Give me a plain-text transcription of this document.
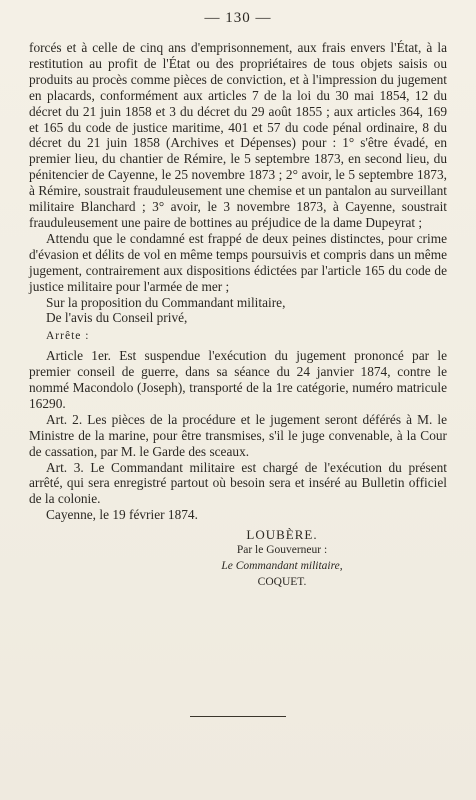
— 130 —

forcés et à celle de cinq ans d'emprisonnement, aux frais envers l'État, à la restitution au profit de l'État ou des propriétaires de tous objets saisis ou produits au procès comme pièces de conviction, et à l'impression du jugement en placards, conformément aux articles 7 de la loi du 30 mai 1854, 12 du décret du 21 juin 1858 et 3 du décret du 29 août 1855 ; aux articles 364, 169 et 165 du code de justice maritime, 401 et 57 du code pénal ordinaire, 8 du décret du 21 juin 1858 (Archives et Dépenses) pour : 1° s'être évadé, en premier lieu, du chantier de Rémire, le 5 septembre 1873, en second lieu, du pénitencier de Cayenne, le 25 novembre 1873 ; 2° avoir, le 5 septembre 1873, à Rémire, soustrait frauduleusement une chemise et un pantalon au surveillant militaire Blanchard ; 3° avoir, le 3 novembre 1873, à Cayenne, soustrait frauduleusement une paire de bottines au préjudice de la dame Dupeyrat ;

Attendu que le condamné est frappé de deux peines distinctes, pour crime d'évasion et délits de vol en même temps poursuivis et compris dans un même jugement, contrairement aux dispositions édictées par l'article 165 du code de justice militaire pour l'armée de mer ;

Sur la proposition du Commandant militaire,

De l'avis du Conseil privé,

Arrête :

Article 1er. Est suspendue l'exécution du jugement prononcé par le premier conseil de guerre, dans sa séance du 24 janvier 1874, contre le nommé Macondolo (Joseph), transporté de la 1re catégorie, numéro matricule 16290.

Art. 2. Les pièces de la procédure et le jugement seront déférés à M. le Ministre de la marine, pour être transmises, s'il le juge convenable, à la Cour de cassation, par M. le Garde des sceaux.

Art. 3. Le Commandant militaire est chargé de l'exécution du présent arrêté, qui sera enregistré partout où besoin sera et inséré au Bulletin officiel de la colonie.

Cayenne, le 19 février 1874.

LOUBÈRE.
Par le Gouverneur :
Le Commandant militaire,
COQUET.
